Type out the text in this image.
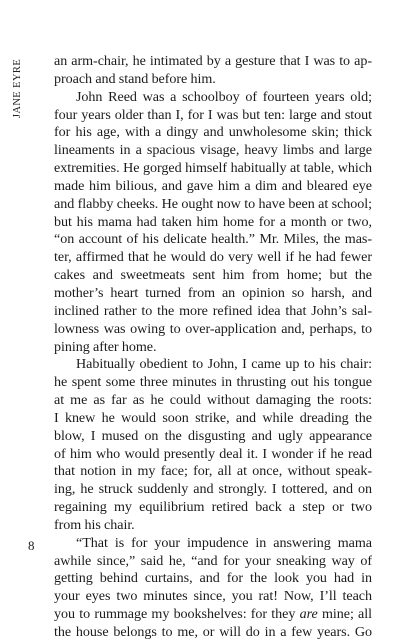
JANE EYRE an arm-chair, he intimated by a gesture that I was to ap-
proach and stand before him.
John Reed was a schoolboy of fourteen years old;
four years older than I, for I was but ten: large and stout
for his age, with a dingy and unwholesome skin; thick
lineaments in a spacious visage, heavy limbs and large
extremities. He gorged himself habitually at table, which
made him bilious, and gave him a dim and bleared eye
and flabby cheeks. He ought now to have been at school;
but his mama had taken him home for a month or two,
“on account of his delicate health.” Mr. Miles, the mas-
ter, affirmed that he would do very well if he had fewer
cakes and sweetmeats sent him from home; but the
mother’s heart turned from an opinion so harsh, and
inclined rather to the more refined idea that John’s sal-
lowness was owing to over-application and, perhaps, to
pining after home.
Habitually obedient to John, I came up to his chair:
he spent some three minutes in thrusting out his tongue
at me as far as he could without damaging the roots:
I knew he would soon strike, and while dreading the
blow, I mused on the disgusting and ugly appearance
of him who would presently deal it. I wonder if he read
that notion in my face; for, all at once, without speak-
ing, he struck suddenly and strongly. I tottered, and on
regaining my equilibrium retired back a step or two
from his chair.
“That is for your impudence in answering mama
awhile since,” said he, “and for your sneaking way of
getting behind curtains, and for the look you had in
your eyes two minutes since, you rat! Now, I’ll teach
you to rummage my bookshelves: for they are mine; all
the house belongs to me, or will do in a few years. Go
8
